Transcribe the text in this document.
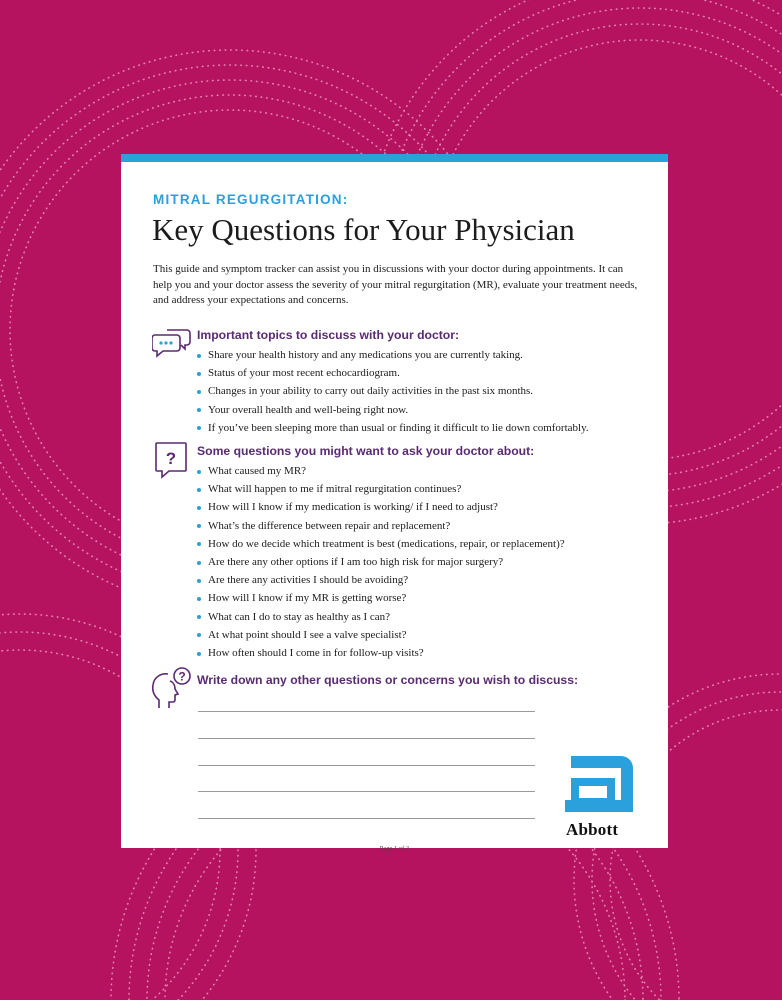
MITRAL REGURGITATION:
Key Questions for Your Physician
This guide and symptom tracker can assist you in discussions with your doctor during appointments. It can help you and your doctor assess the severity of your mitral regurgitation (MR), evaluate your treatment needs, and address your expectations and concerns.
Important topics to discuss with your doctor:
Share your health history and any medications you are currently taking.
Status of your most recent echocardiogram.
Changes in your ability to carry out daily activities in the past six months.
Your overall health and well-being right now.
If you’ve been sleeping more than usual or finding it difficult to lie down comfortably.
? Some questions you might want to ask your doctor about:
What caused my MR?
What will happen to me if mitral regurgitation continues?
How will I know if my medication is working/ if I need to adjust?
What’s the difference between repair and replacement?
How do we decide which treatment is best (medications, repair, or replacement)?
Are there any other options if I am too high risk for major surgery?
Are there any activities I should be avoiding?
How will I know if my MR is getting worse?
What can I do to stay as healthy as I can?
At what point should I see a valve specialist?
How often should I come in for follow-up visits?
? Write down any other questions or concerns you wish to discuss:
Abbott
Page 1 of 3
